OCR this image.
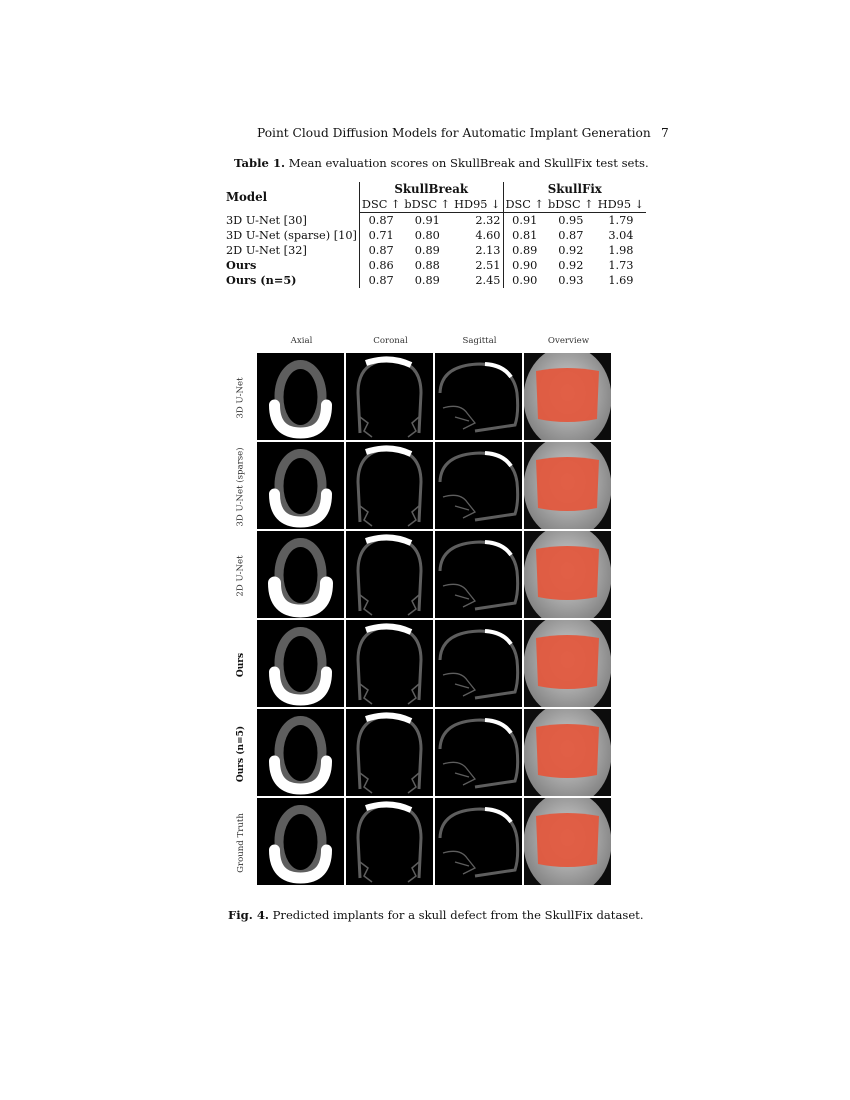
Point Cloud Diffusion Models for Automatic Implant Generation 7
Table 1. Mean evaluation scores on SkullBreak and SkullFix test sets.
Model	SkullBreak			SkullFix		
	DSC ↑	bDSC ↑	HD95 ↓	DSC ↑	bDSC ↑	HD95 ↓
3D U-Net [30]	0.87	0.91	2.32	0.91	0.95	1.79
3D U-Net (sparse) [10]	0.71	0.80	4.60	0.81	0.87	3.04
2D U-Net [32]	0.87	0.89	2.13	0.89	0.92	1.98
Ours	0.86	0.88	2.51	0.90	0.92	1.73
Ours (n=5)	0.87	0.89	2.45	0.90	0.93	1.69
Axial	Coronal	Sagittal	Overview
3D U-Net
3D U-Net (sparse)
2D U-Net
Ours
Ours (n=5)
Ground Truth
Fig. 4. Predicted implants for a skull defect from the SkullFix dataset.
